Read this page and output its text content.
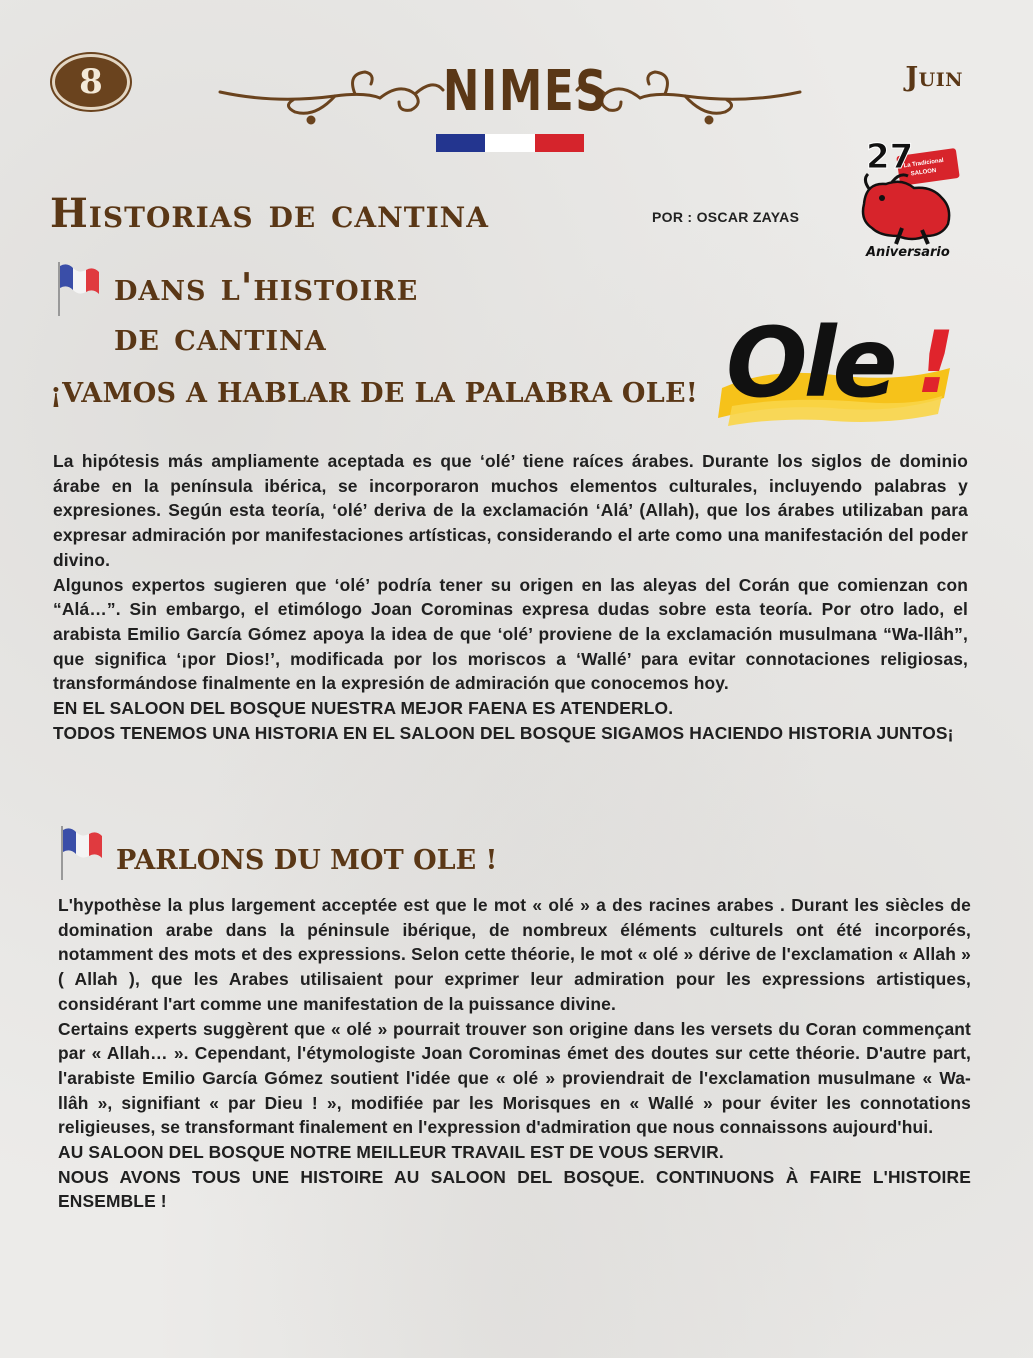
8	NIMES	Juin
La Tradicional
SALOON
27
Aniversario
Historias de cantina	POR : OSCAR ZAYAS
dans l'histoire
de cantina	Ole !
¡VAMOS A HABLAR DE LA PALABRA OLE!

La hipótesis más ampliamente aceptada es que ‘olé’ tiene raíces árabes. Durante los siglos de dominio árabe en la península ibérica, se incorporaron muchos elementos culturales, incluyendo palabras y expresiones. Según esta teoría, ‘olé’ deriva de la exclamación ‘Alá’ (Allah), que los árabes utilizaban para expresar admiración por manifestaciones artísticas, considerando el arte como una manifestación del poder divino.

Algunos expertos sugieren que ‘olé’ podría tener su origen en las aleyas del Corán que comienzan con “Alá…”. Sin embargo, el etimólogo Joan Corominas expresa dudas sobre esta teoría. Por otro lado, el arabista Emilio García Gómez apoya la idea de que ‘olé’ proviene de la exclamación musulmana “Wa-llâh”, que significa ‘¡por Dios!’, modificada por los moriscos a ‘Wallé’ para evitar connotaciones religiosas, transformándose finalmente en la expresión de admiración que conocemos hoy.

EN EL SALOON DEL BOSQUE NUESTRA MEJOR FAENA ES ATENDERLO.

TODOS TENEMOS UNA HISTORIA EN EL SALOON DEL BOSQUE SIGAMOS HACIENDO HISTORIA JUNTOS¡

PARLONS DU MOT OLE !

L'hypothèse la plus largement acceptée est que le mot « olé » a des racines arabes . Durant les siècles de domination arabe dans la péninsule ibérique, de nombreux éléments culturels ont été incorporés, notamment des mots et des expressions. Selon cette théorie, le mot « olé » dérive de l'exclamation « Allah » ( Allah ), que les Arabes utilisaient pour exprimer leur admiration pour les expressions artistiques, considérant l'art comme une manifestation de la puissance divine.

Certains experts suggèrent que « olé » pourrait trouver son origine dans les versets du Coran commençant par « Allah… ». Cependant, l'étymologiste Joan Corominas émet des doutes sur cette théorie. D'autre part, l'arabiste Emilio García Gómez soutient l'idée que « olé » proviendrait de l'exclamation musulmane « Wa- llâh », signifiant « par Dieu ! », modifiée par les Morisques en « Wallé » pour éviter les connotations religieuses, se transformant finalement en l'expression d'admiration que nous connaissons aujourd'hui.

AU SALOON DEL BOSQUE NOTRE MEILLEUR TRAVAIL EST DE VOUS SERVIR.

NOUS AVONS TOUS UNE HISTOIRE AU SALOON DEL BOSQUE. CONTINUONS À FAIRE L'HISTOIRE ENSEMBLE !
